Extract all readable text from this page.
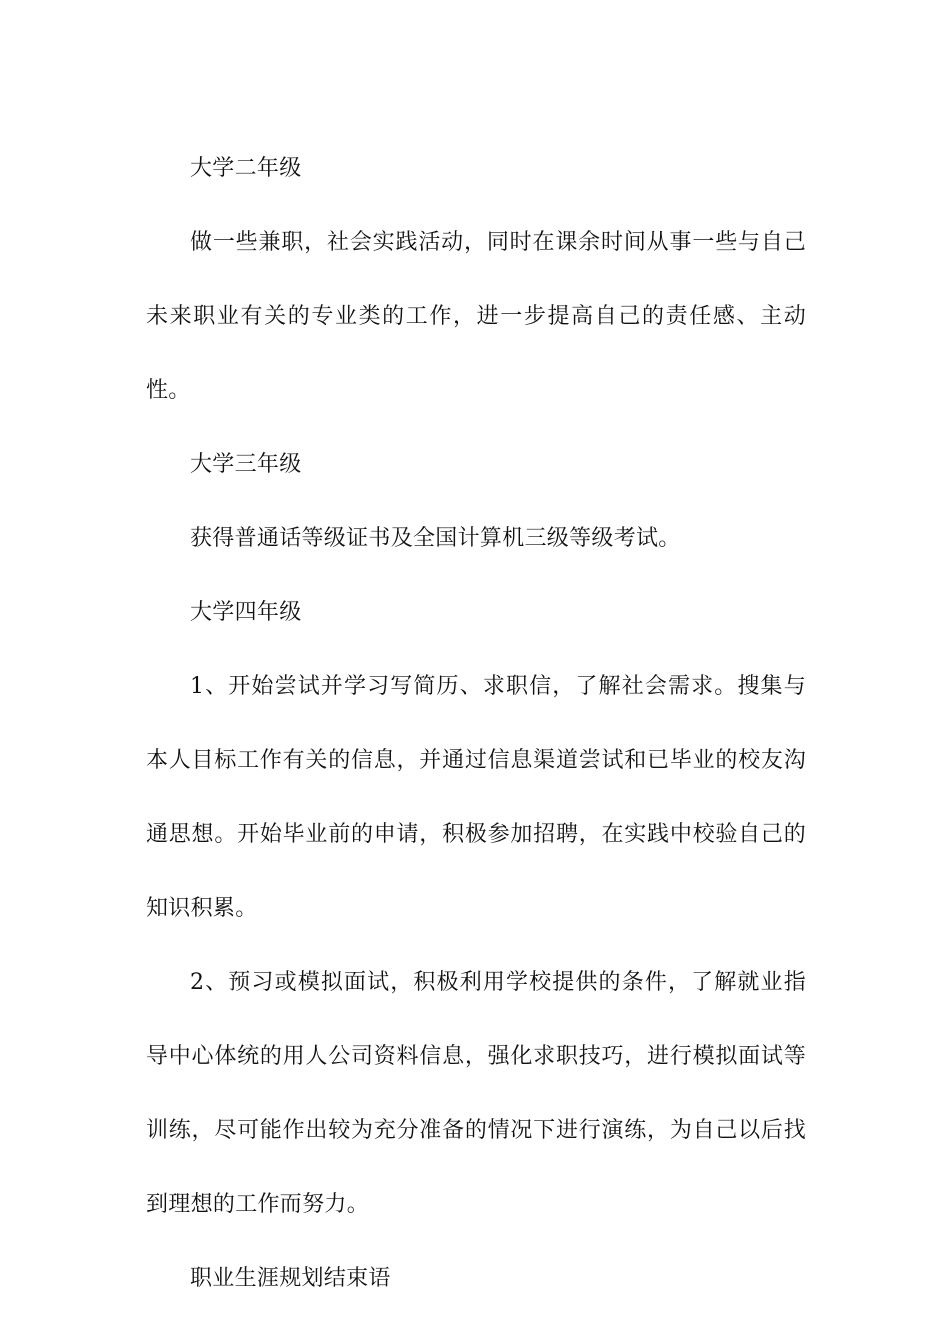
大学二年级

做一些兼职，社会实践活动，同时在课余时间从事一些与自己未来职业有关的专业类的工作，进一步提高自己的责任感、主动性。

大学三年级

获得普通话等级证书及全国计算机三级等级考试。

大学四年级

1、开始尝试并学习写简历、求职信，了解社会需求。搜集与本人目标工作有关的信息，并通过信息渠道尝试和已毕业的校友沟通思想。开始毕业前的申请，积极参加招聘，在实践中校验自己的知识积累。

2、预习或模拟面试，积极利用学校提供的条件，了解就业指导中心体统的用人公司资料信息，强化求职技巧，进行模拟面试等训练，尽可能作出较为充分准备的情况下进行演练，为自己以后找到理想的工作而努力。

职业生涯规划结束语
